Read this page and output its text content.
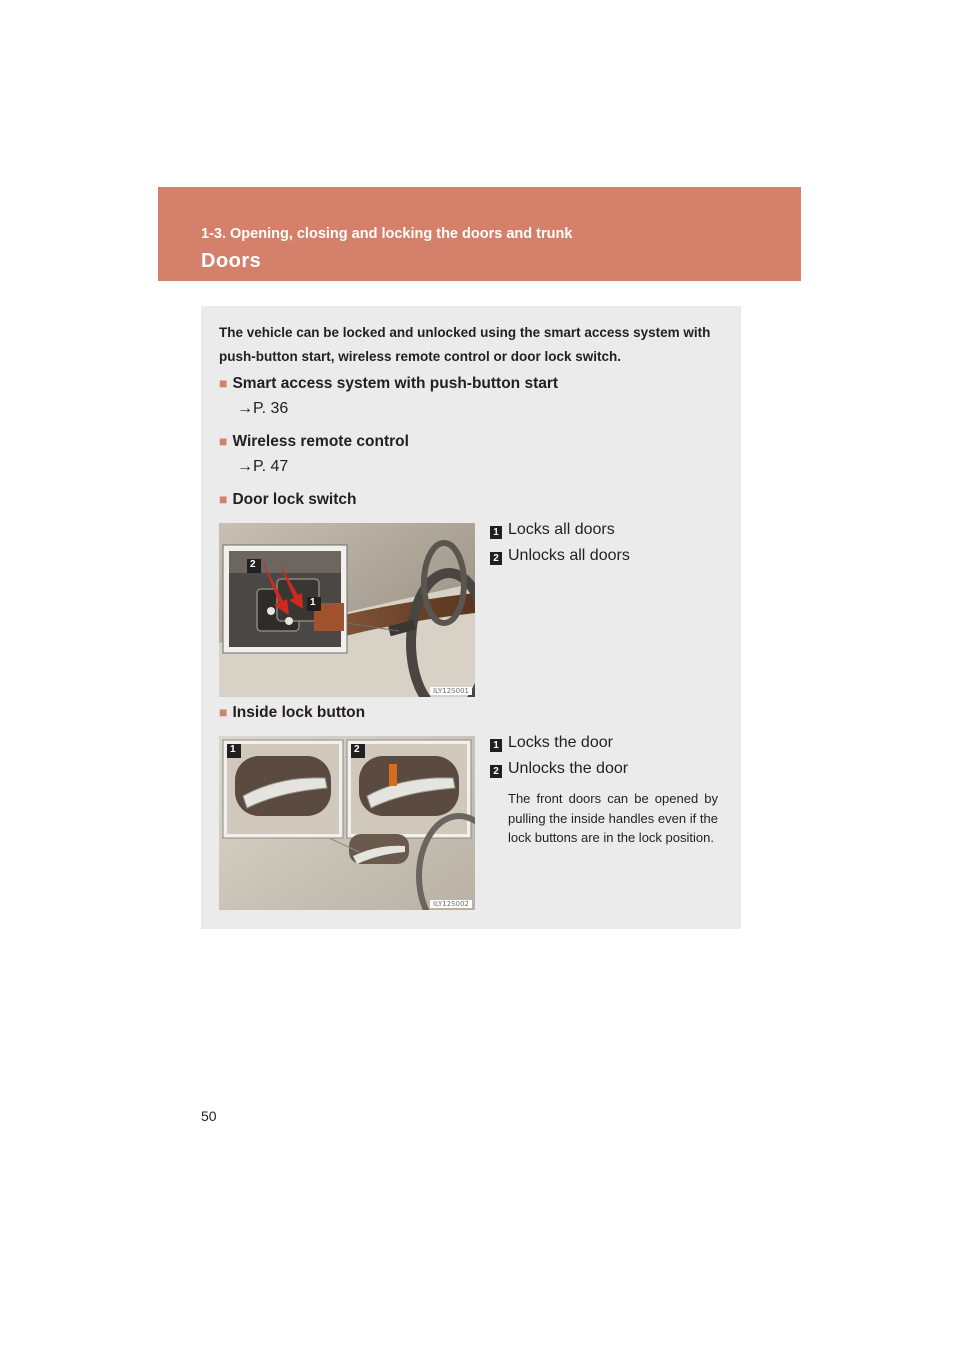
1-3. Opening, closing and locking the doors and trunk
Doors
The vehicle can be locked and unlocked using the smart access system with push-button start, wireless remote control or door lock switch.
■ Smart access system with push-button start
→P. 36
■ Wireless remote control
→P. 47
■ Door lock switch
2
1
ILY12S001
1 Locks all doors
2 Unlocks all doors
■ Inside lock button
1	2
ILY12S002
1 Locks the door
2 Unlocks the door
The front doors can be opened by pulling the inside handles even if the lock buttons are in the lock position.
50
